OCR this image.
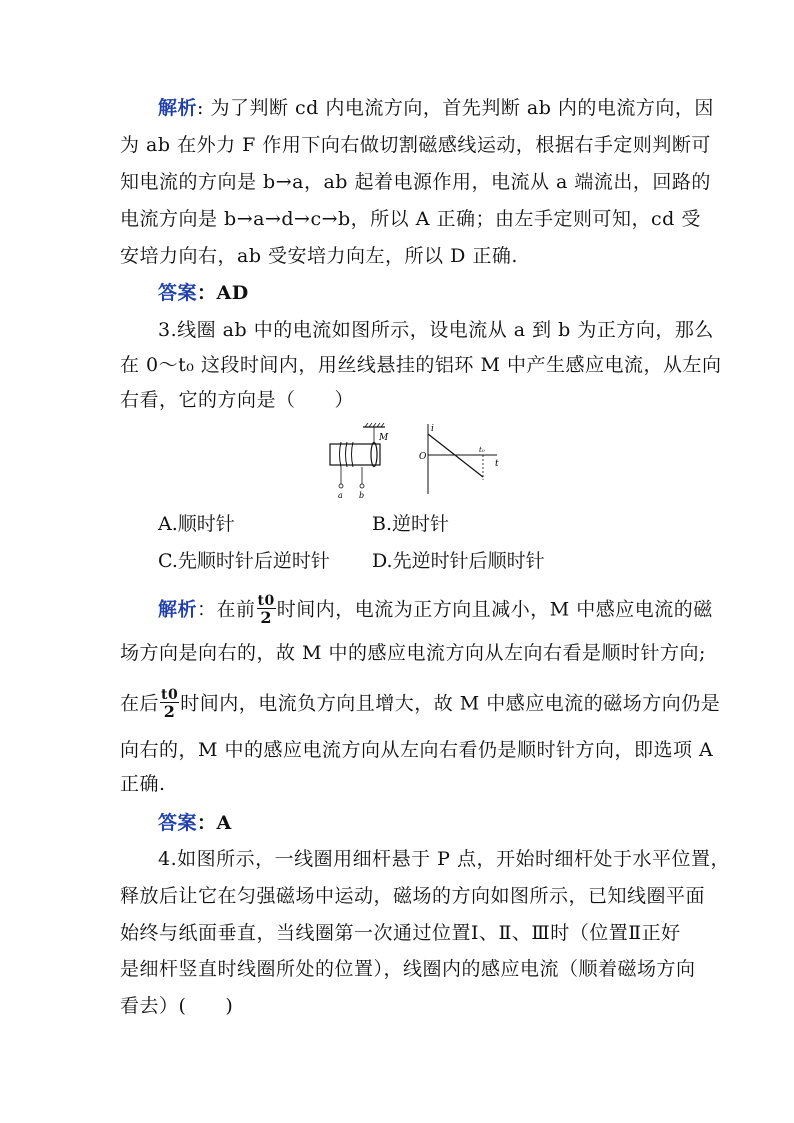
解析: 为了判断 cd 内电流方向，首先判断 ab 内的电流方向，因
为 ab 在外力 F 作用下向右做切割磁感线运动，根据右手定则判断可
知电流的方向是 b→a，ab 起着电源作用，电流从 a 端流出，回路的
电流方向是 b→a→d→c→b，所以 A 正确；由左手定则可知，cd 受
安培力向右，ab 受安培力向左，所以 D 正确.
答案：AD
3.线圈 ab 中的电流如图所示，设电流从 a 到 b 为正方向，那么
在 0～t₀ 这段时间内，用丝线悬挂的铝环 M 中产生感应电流，从左向
右看，它的方向是（　　）
M
a b
i
O
t₀
t
A.顺时针	B.逆时针
C.先顺时针后逆时针 D.先逆时针后顺时针
解析：在前 $\frac{t0}{2}$ 时间内，电流为正方向且减小，M 中感应电流的磁
场方向是向右的，故 M 中的感应电流方向从左向右看是顺时针方向;
在后 $\frac{t0}{2}$ 时间内，电流负方向且增大，故 M 中感应电流的磁场方向仍是
向右的，M 中的感应电流方向从左向右看仍是顺时针方向，即选项 A
正确.
答案：A
4.如图所示，一线圈用细杆悬于 P 点，开始时细杆处于水平位置，
释放后让它在匀强磁场中运动，磁场的方向如图所示，已知线圈平面
始终与纸面垂直，当线圈第一次通过位置Ⅰ、Ⅱ、Ⅲ时（位置Ⅱ正好
是细杆竖直时线圈所处的位置），线圈内的感应电流（顺着磁场方向
看去）(　　)
